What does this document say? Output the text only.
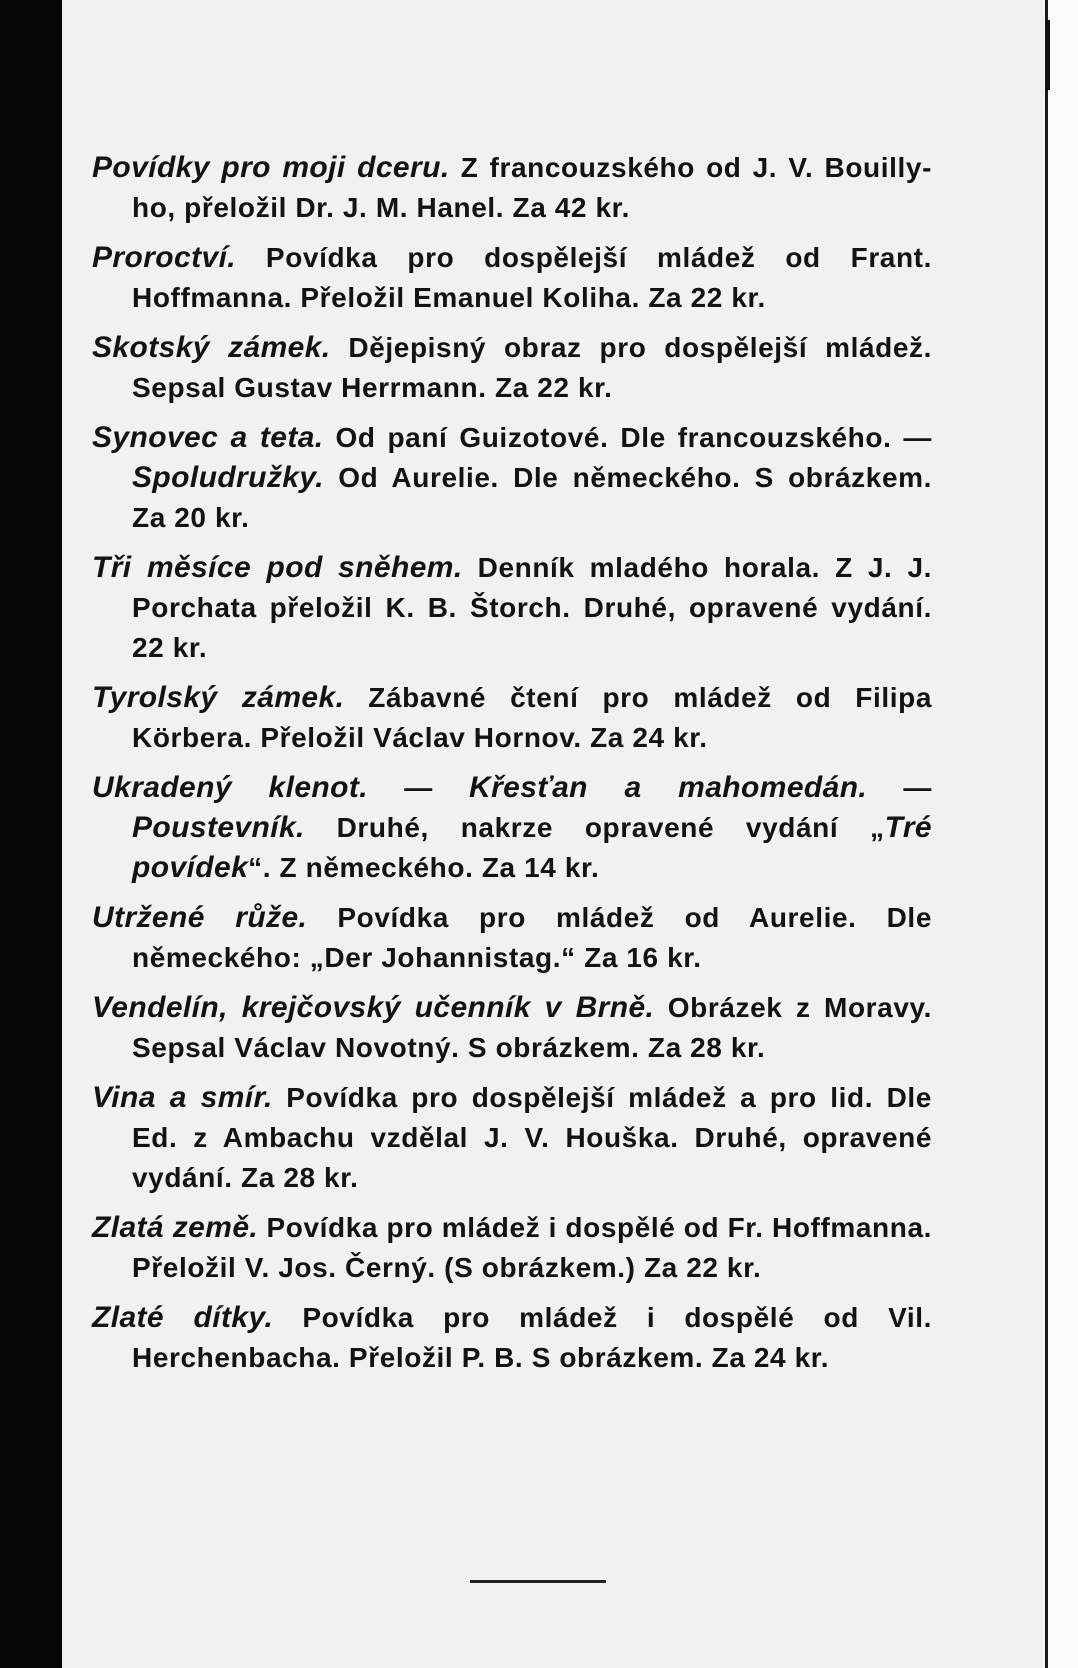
Povídky pro moji dceru. Z francouzského od J. V. Bouilly-ho, přeložil Dr. J. M. Hanel. Za 42 kr.

Proroctví. Povídka pro dospělejší mládež od Frant. Hoffmanna. Přeložil Emanuel Koliha. Za 22 kr.

Skotský zámek. Dějepisný obraz pro dospělejší mládež. Sepsal Gustav Herrmann. Za 22 kr.

Synovec a teta. Od paní Guizotové. Dle francouzského. — Spoludružky. Od Aurelie. Dle německého. S obrázkem. Za 20 kr.

Tři měsíce pod sněhem. Denník mladého horala. Z J. J. Porchata přeložil K. B. Štorch. Druhé, opravené vydání. 22 kr.

Tyrolský zámek. Zábavné čtení pro mládež od Filipa Körbera. Přeložil Václav Hornov. Za 24 kr.

Ukradený klenot. — Křesťan a mahomedán. — Poustevník. Druhé, nakrze opravené vydání „Tré povídek“. Z německého. Za 14 kr.

Utržené růže. Povídka pro mládež od Aurelie. Dle německého: „Der Johannistag.“ Za 16 kr.

Vendelín, krejčovský učenník v Brně. Obrázek z Moravy. Sepsal Václav Novotný. S obrázkem. Za 28 kr.

Vina a smír. Povídka pro dospělejší mládež a pro lid. Dle Ed. z Ambachu vzdělal J. V. Houška. Druhé, opravené vydání. Za 28 kr.

Zlatá země. Povídka pro mládež i dospělé od Fr. Hoffmanna. Přeložil V. Jos. Černý. (S obrázkem.) Za 22 kr.

Zlaté dítky. Povídka pro mládež i dospělé od Vil. Herchenbacha. Přeložil P. B. S obrázkem. Za 24 kr.
